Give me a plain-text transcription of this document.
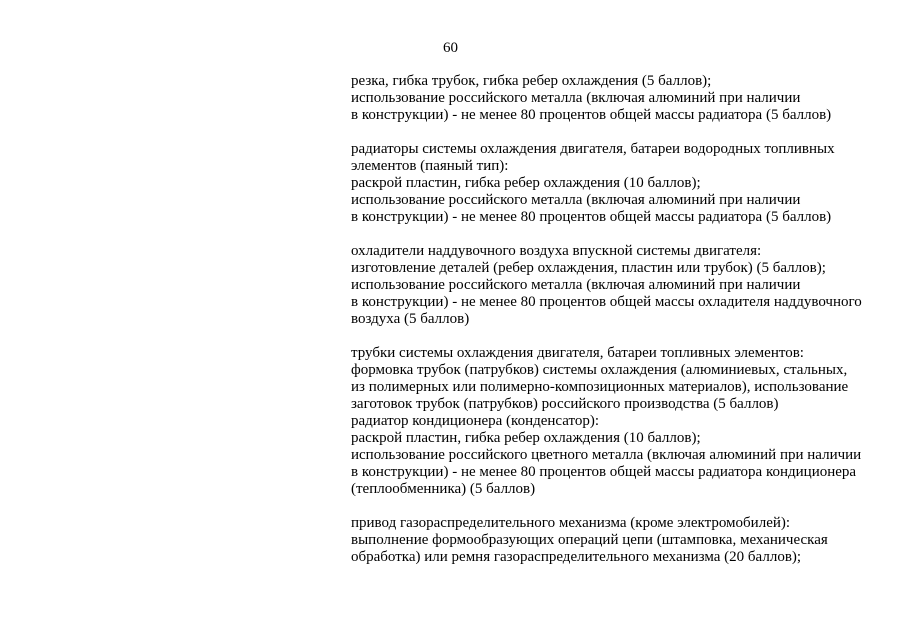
60
резка, гибка трубок, гибка ребер охлаждения (5 баллов);
использование российского металла (включая алюминий при наличии
в конструкции) - не менее 80 процентов общей массы радиатора (5 баллов)
радиаторы системы охлаждения двигателя, батареи водородных топливных
элементов (паяный тип):
раскрой пластин, гибка ребер охлаждения (10 баллов);
использование российского металла (включая алюминий при наличии
в конструкции) - не менее 80 процентов общей массы радиатора (5 баллов)
охладители наддувочного воздуха впускной системы двигателя:
изготовление деталей (ребер охлаждения, пластин или трубок) (5 баллов);
использование российского металла (включая алюминий при наличии
в конструкции) - не менее 80 процентов общей массы охладителя наддувочного
воздуха (5 баллов)
трубки системы охлаждения двигателя, батареи топливных элементов:
формовка трубок (патрубков) системы охлаждения (алюминиевых, стальных,
из полимерных или полимерно-композиционных материалов), использование
заготовок трубок (патрубков) российского производства (5 баллов)
радиатор кондиционера (конденсатор):
раскрой пластин, гибка ребер охлаждения (10 баллов);
использование российского цветного металла (включая алюминий при наличии
в конструкции) - не менее 80 процентов общей массы радиатора кондиционера
(теплообменника) (5 баллов)
привод газораспределительного механизма (кроме электромобилей):
выполнение формообразующих операций цепи (штамповка, механическая
обработка) или ремня газораспределительного механизма (20 баллов);
